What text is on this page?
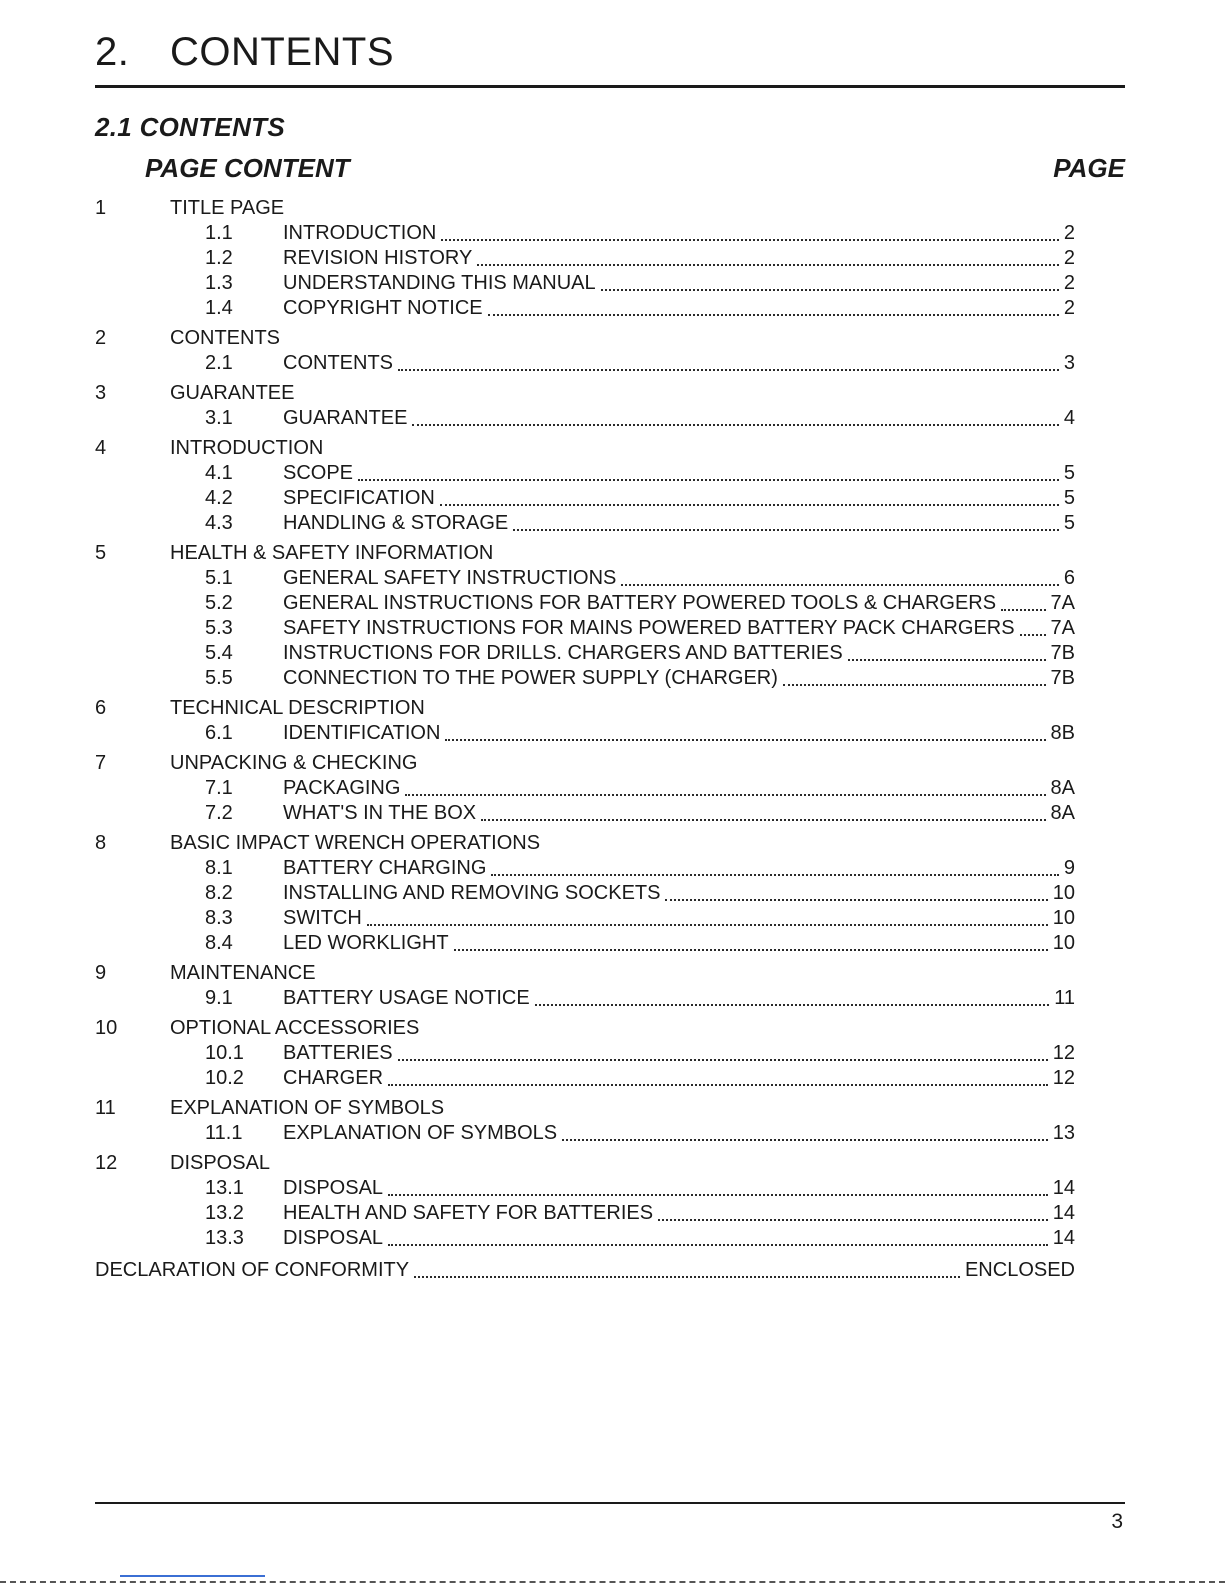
2.	CONTENTS
2.1 CONTENTS
PAGE CONTENT	PAGE
1	TITLE PAGE
1.1	INTRODUCTION	2
1.2	REVISION HISTORY	2
1.3	UNDERSTANDING THIS MANUAL	2
1.4	COPYRIGHT NOTICE	2
2	CONTENTS
2.1	CONTENTS	3
3	GUARANTEE
3.1	GUARANTEE	4
4	INTRODUCTION
4.1	SCOPE	5
4.2	SPECIFICATION	5
4.3	HANDLING & STORAGE	5
5	HEALTH & SAFETY INFORMATION
5.1	GENERAL SAFETY INSTRUCTIONS	6
5.2	GENERAL INSTRUCTIONS FOR BATTERY POWERED TOOLS & CHARGERS	7A
5.3	SAFETY INSTRUCTIONS FOR MAINS POWERED BATTERY PACK CHARGERS 7A
5.4	INSTRUCTIONS FOR DRILLS. CHARGERS AND BATTERIES	7B
5.5	CONNECTION TO THE POWER SUPPLY (CHARGER)	7B
6	TECHNICAL DESCRIPTION
6.1	IDENTIFICATION	8B
7	UNPACKING & CHECKING
7.1	PACKAGING	8A
7.2	WHAT'S IN THE BOX	8A
8	BASIC IMPACT WRENCH OPERATIONS
8.1	BATTERY CHARGING	9
8.2	INSTALLING AND REMOVING SOCKETS	10
8.3	SWITCH	10
8.4	LED WORKLIGHT	10
9	MAINTENANCE
9.1	BATTERY USAGE NOTICE	11
10	OPTIONAL ACCESSORIES
10.1	BATTERIES	12
10.2	CHARGER	12
11	EXPLANATION OF SYMBOLS
11.1	EXPLANATION OF SYMBOLS	13
12	DISPOSAL
13.1	DISPOSAL	14
13.2	HEALTH AND SAFETY FOR BATTERIES	14
13.3	DISPOSAL	14
DECLARATION OF CONFORMITY	ENCLOSED
3
